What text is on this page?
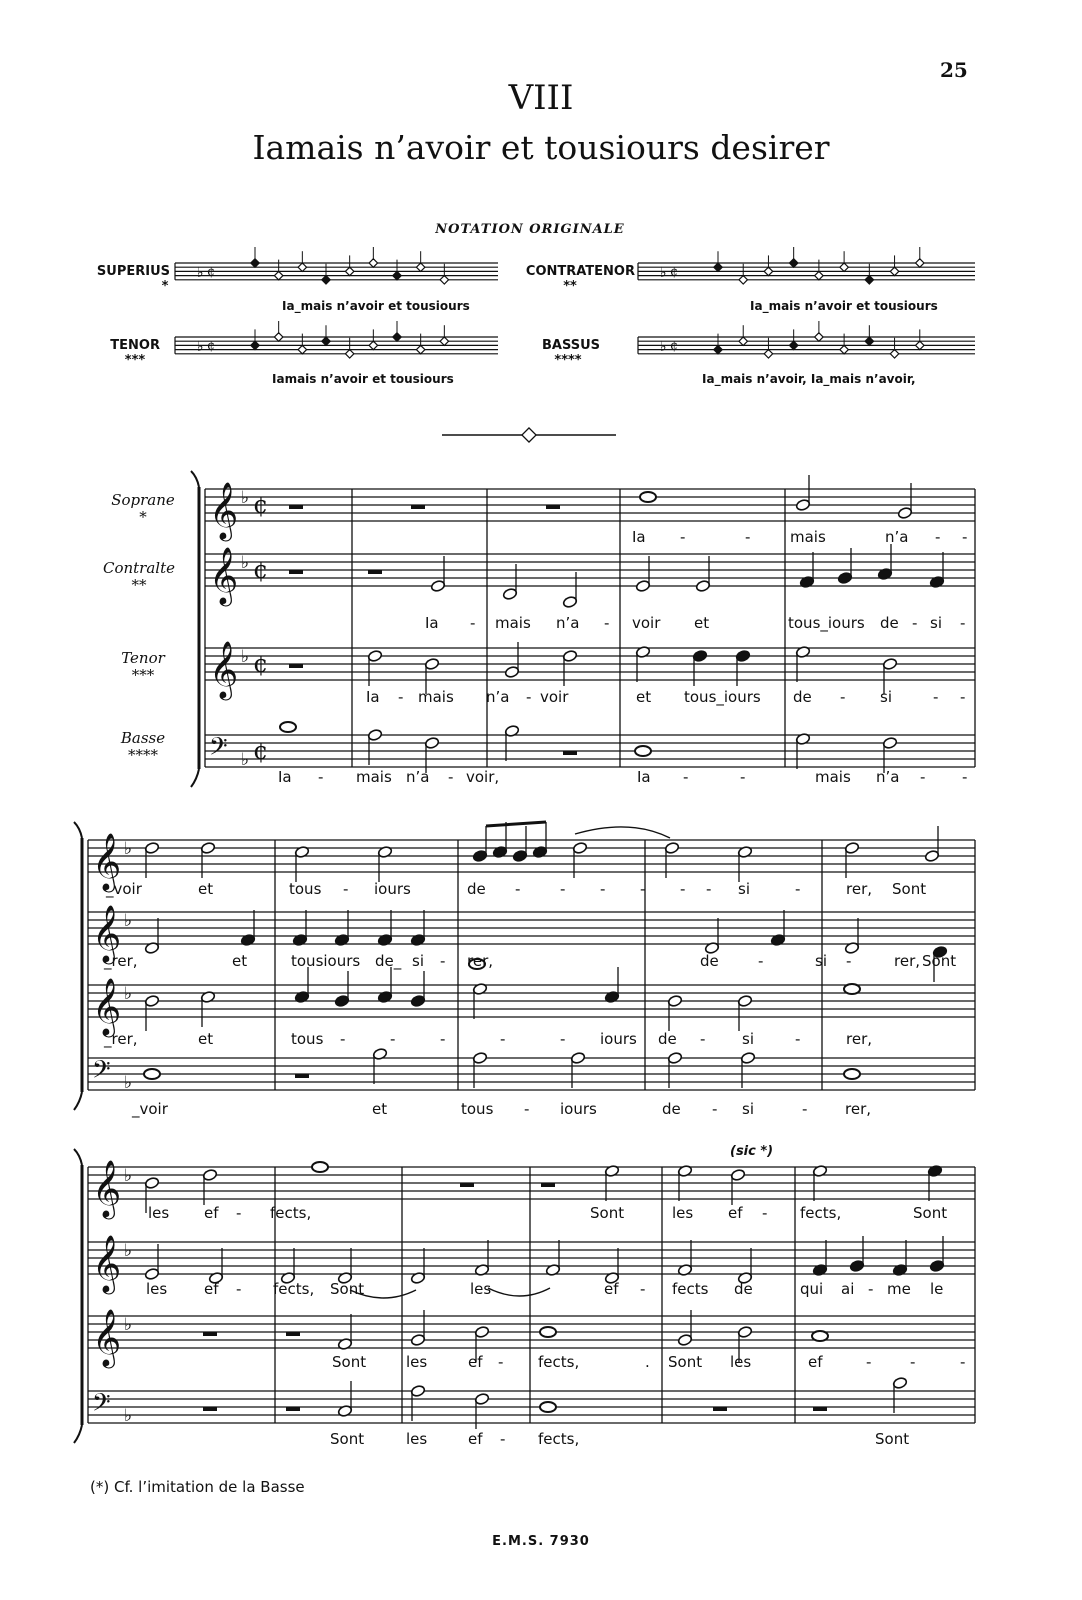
25
VIII
Iamais n’avoir et tousiours desirer
NOTATION ORIGINALE
SUPERIUS
*
CONTRATENOR
**
TENOR
***
BASSUS
****
Ia_mais n’avoir et tousiours	Ia_mais n’avoir et tousiours
Iamais n’avoir et tousiours	Ia_mais n’avoir, Ia_mais n’avoir,
Soprane
*
Contralte
**
Tenor
***
Basse
****
♭ ¢	♭ ¢
♭ ¢	♭ ¢
𝄞 ♭ ¢
𝄞 ♭ ¢
𝄞 ♭ ¢
𝄢 ♭ ¢
𝄞 ♭
𝄞 ♭
𝄞 ♭
𝄢 ♭
𝄞 ♭
𝄞 ♭
𝄞 ♭
𝄢 ♭
Ia -	-	mais	n’a - -
Ia - mais n’a - voir et	tous_iours de - si -
Ia - mais n’a - voir	et tous_iours de - si	- -
Ia - mais n’a - voir,	Ia -	-	mais n’a - -
_voir	et	tous - iours	de -	- - - - - si	-	rer, Sont
_rer,	et	tousiours de_ si - rer,	de	-	si -	rer, Sont
_rer,	et	tous -	-	-	-	- iours de - si	-	rer,
_voir	et	tous - iours	de - si	-	rer,
les ef - fects,	Sont	les ef - fects,	Sont
les ef - fects, Sont	les	ef - fects de	qui ai - me le
Sont	les	ef - fects,	. Sont les	ef	-	-	-
Sont	les	ef - fects,	Sont
(sic *)
(*) Cf. l’imitation de la Basse
E.M.S. 7930
